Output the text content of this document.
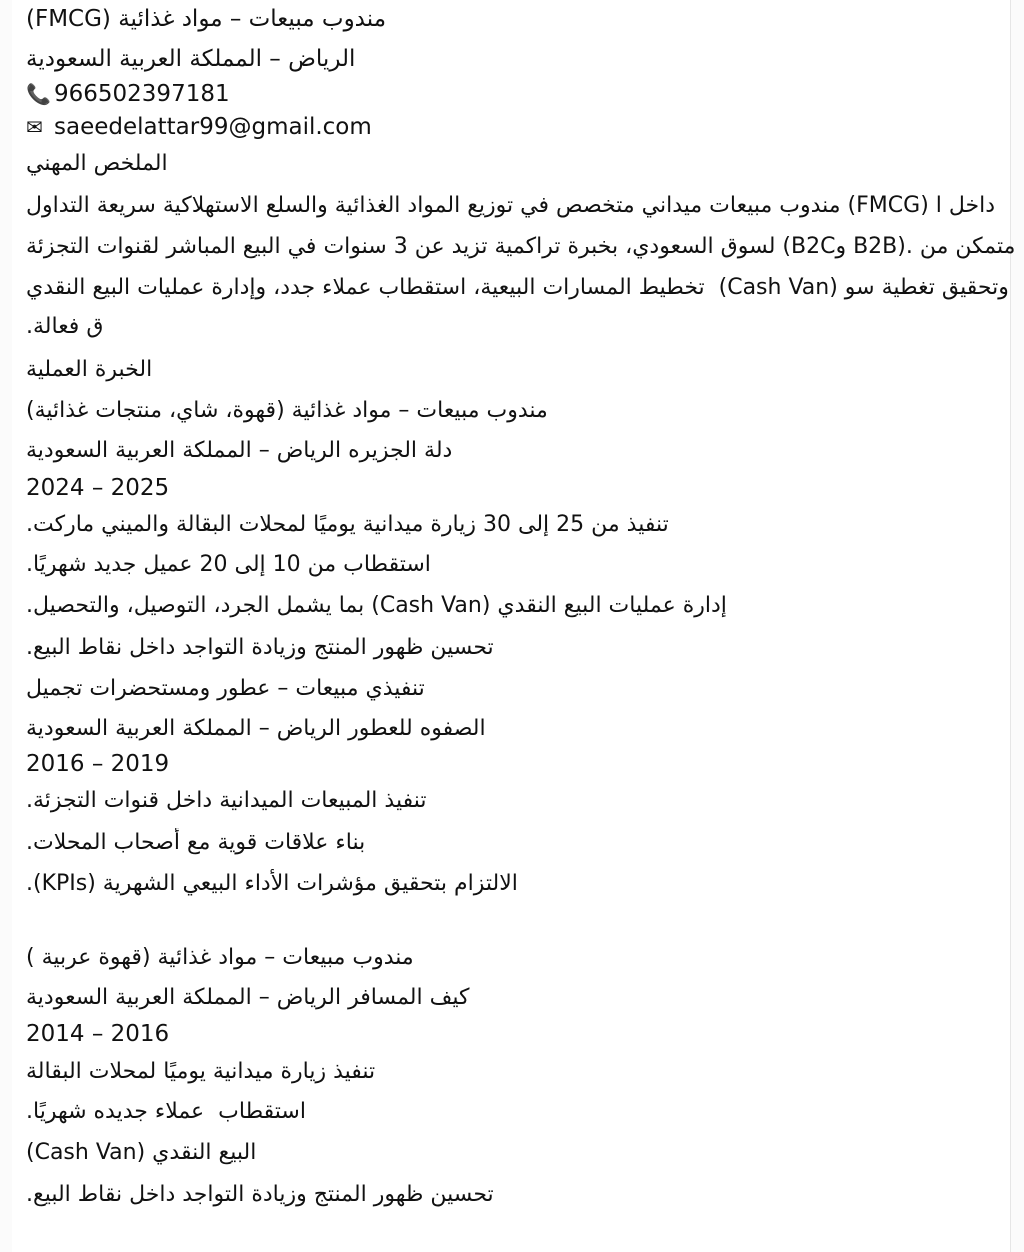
(FMCG) مندوب مبيعات – مواد غذائية
الرياض – المملكة العربية السعودية
📞 966502397181
✉ saeedelattar99@gmail.com
الملخص المهني
داخل ا (FMCG) مندوب مبيعات ميداني متخصص في توزيع المواد الغذائية والسلع الاستهلاكية سريعة التداول
متمكن من .(B2B وB2C) لسوق السعودي، بخبرة تراكمية تزيد عن 3 سنوات في البيع المباشر لقنوات التجزئة
وتحقيق تغطية سو (Cash Van)  تخطيط المسارات البيعية، استقطاب عملاء جدد، وإدارة عمليات البيع النقدي
ق فعالة.
الخبرة العملية
مندوب مبيعات – مواد غذائية (قهوة، شاي، منتجات غذائية)
دلة الجزيره الرياض – المملكة العربية السعودية
2024 – 2025
تنفيذ من 25 إلى 30 زيارة ميدانية يوميًا لمحلات البقالة والميني ماركت.
استقطاب من 10 إلى 20 عميل جديد شهريًا.
إدارة عمليات البيع النقدي (Cash Van) بما يشمل الجرد، التوصيل، والتحصيل.
تحسين ظهور المنتج وزيادة التواجد داخل نقاط البيع.
تنفيذي مبيعات – عطور ومستحضرات تجميل
الصفوه للعطور الرياض – المملكة العربية السعودية
2016 – 2019
تنفيذ المبيعات الميدانية داخل قنوات التجزئة.
بناء علاقات قوية مع أصحاب المحلات.
الالتزام بتحقيق مؤشرات الأداء البيعي الشهرية (KPIs).
مندوب مبيعات – مواد غذائية (قهوة عربية )
كيف المسافر الرياض – المملكة العربية السعودية
2014 – 2016
تنفيذ زيارة ميدانية يوميًا لمحلات البقالة
استقطاب  عملاء جديده شهريًا.
البيع النقدي (Cash Van)
تحسين ظهور المنتج وزيادة التواجد داخل نقاط البيع.
